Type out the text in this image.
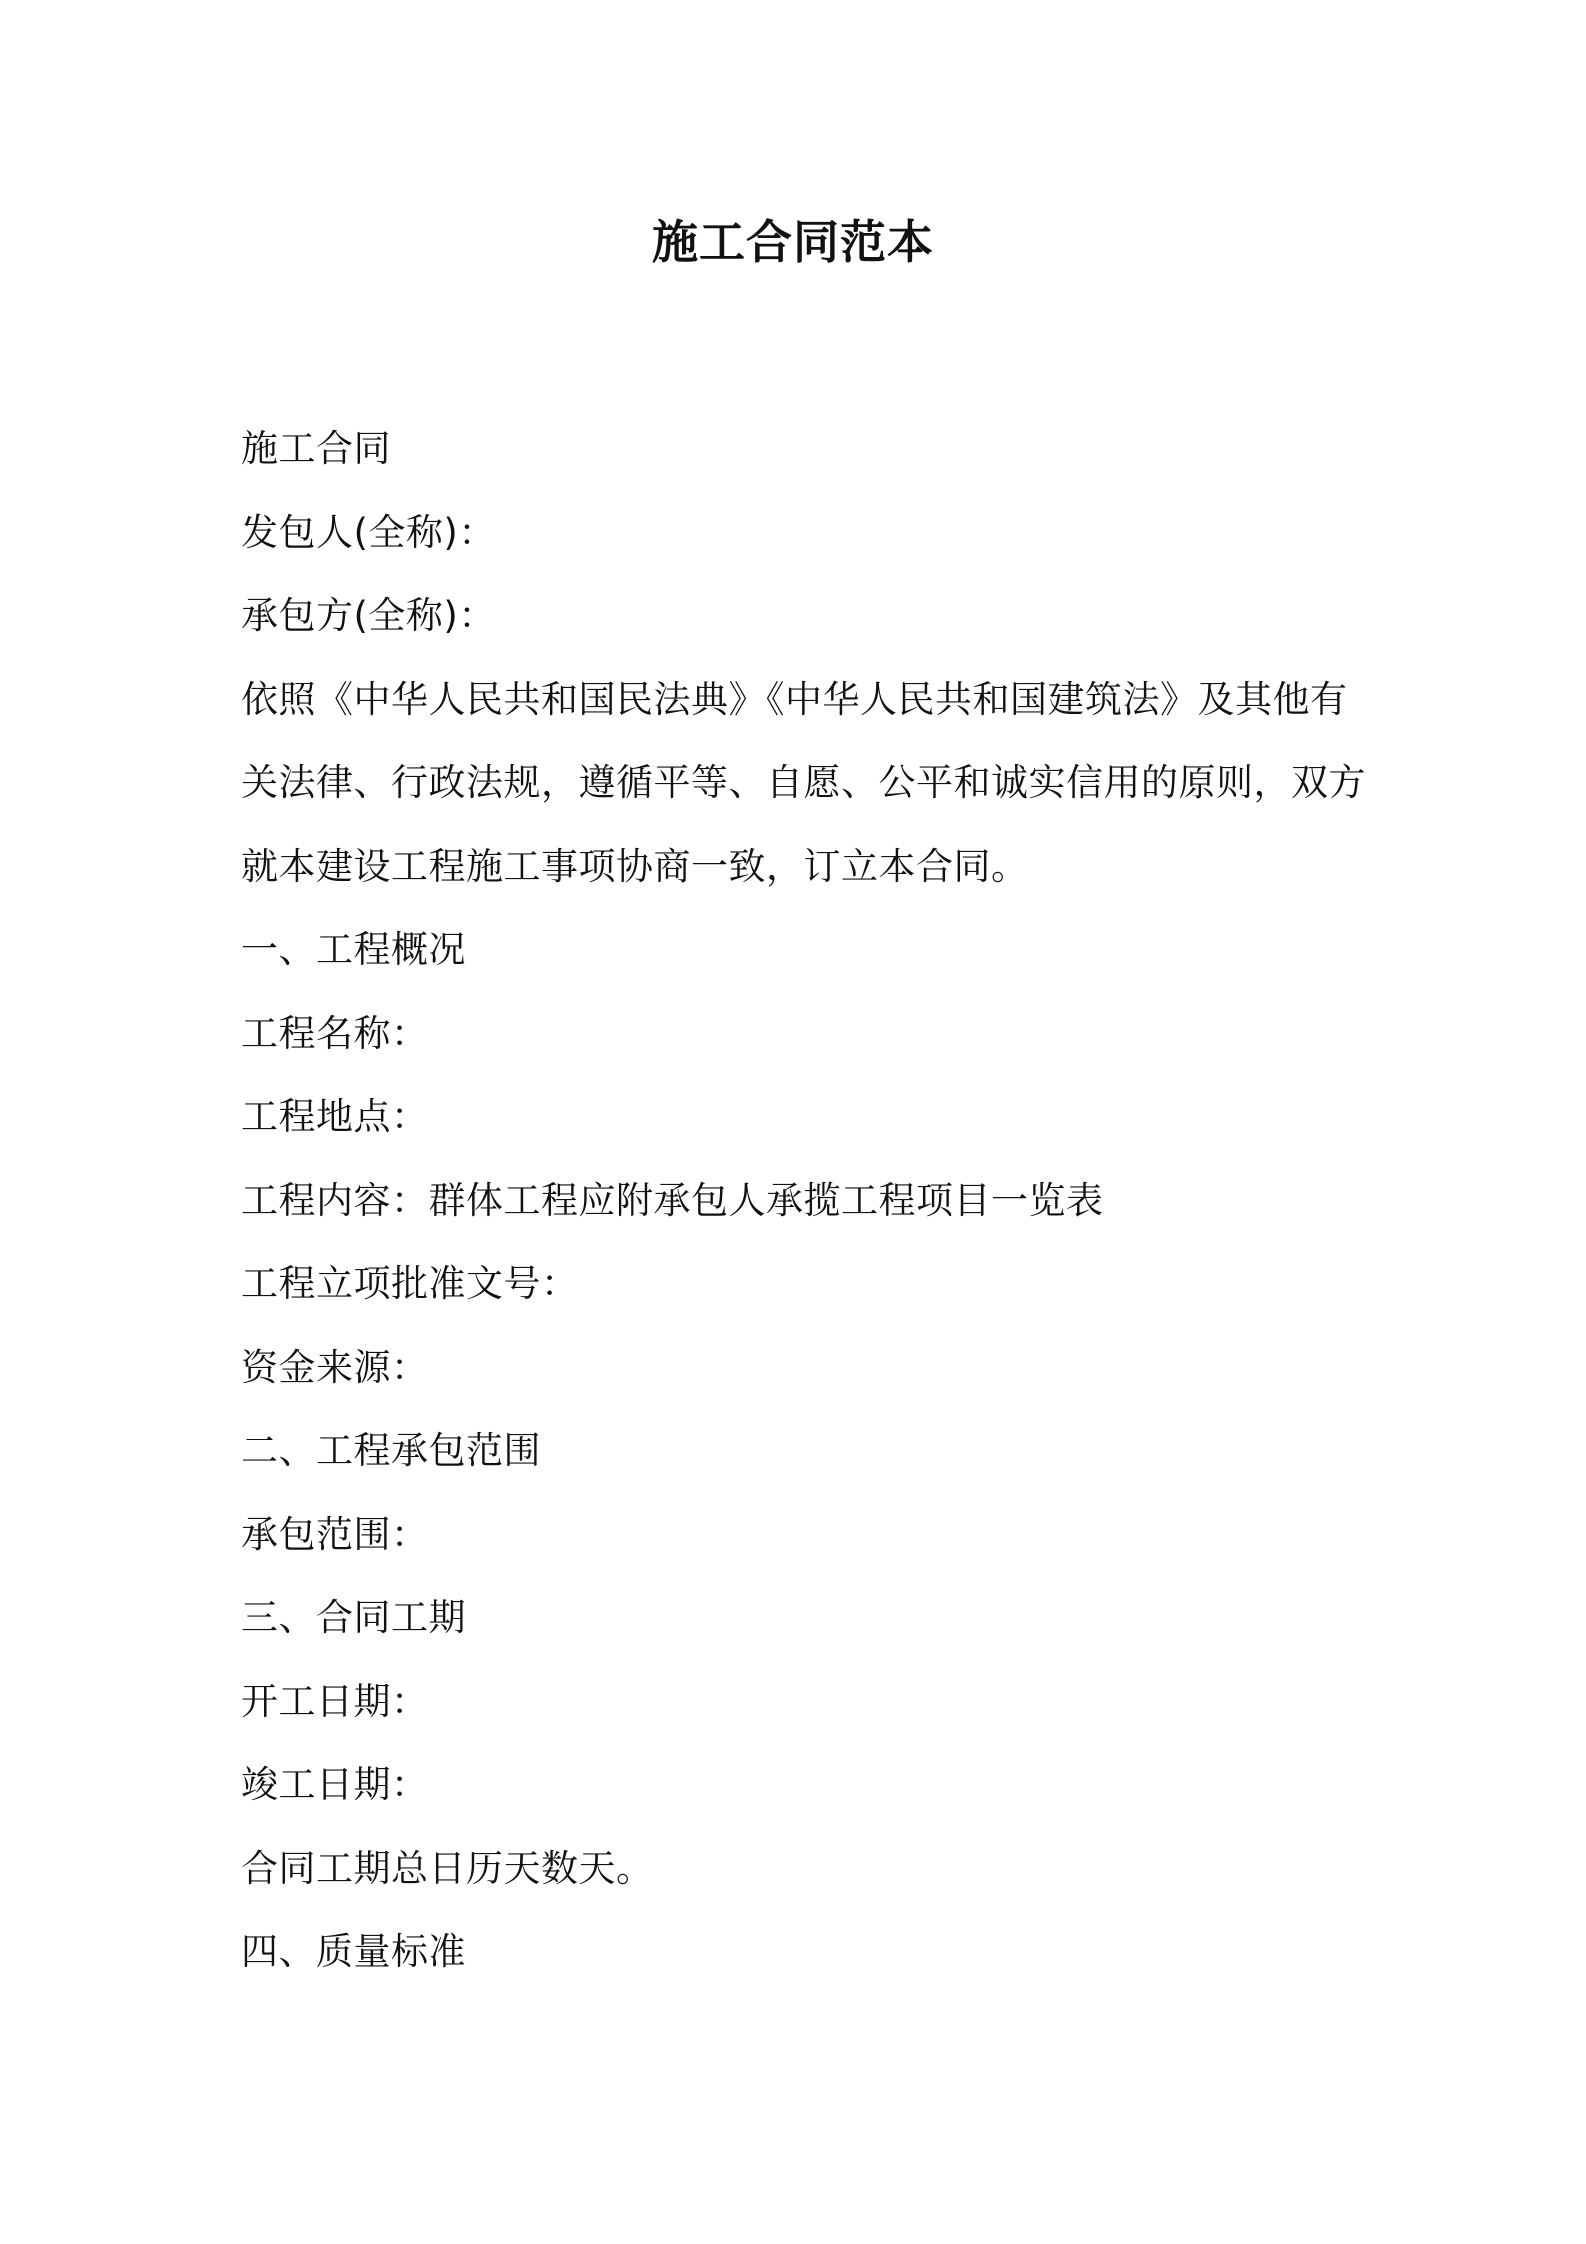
施工合同范本
施工合同
发包人(全称)：
承包方(全称)：
依照《中华人民共和国民法典》《中华人民共和国建筑法》及其他有
关法律、行政法规，遵循平等、自愿、公平和诚实信用的原则，双方
就本建设工程施工事项协商一致，订立本合同。
一、工程概况
工程名称：
工程地点：
工程内容：群体工程应附承包人承揽工程项目一览表
工程立项批准文号：
资金来源：
二、工程承包范围
承包范围：
三、合同工期
开工日期：
竣工日期：
合同工期总日历天数天。
四、质量标准
